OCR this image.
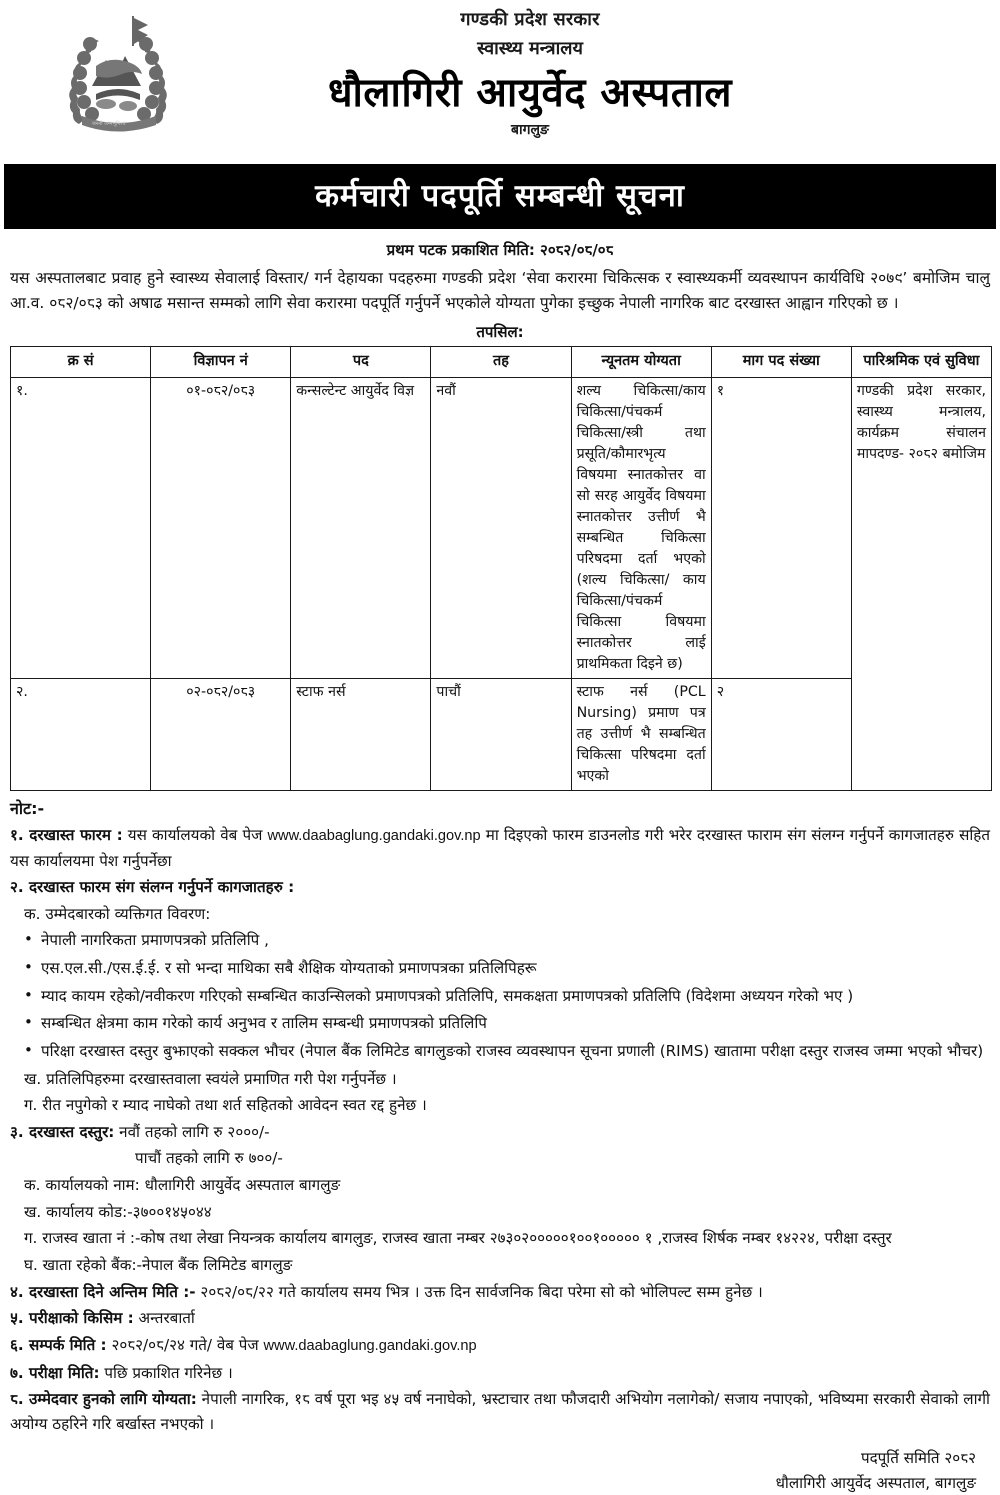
जननी जन्मभूमिश्च
गण्डकी प्रदेश सरकार
स्वास्थ्य मन्त्रालय
धौलागिरी आयुर्वेद अस्पताल
बागलुङ
कर्मचारी पदपूर्ति सम्बन्धी सूचना
प्रथम पटक प्रकाशित मिति: २०८२/०८/०८

यस अस्पतालबाट प्रवाह हुने स्वास्थ्य सेवालाई विस्तार/ गर्न देहायका पदहरुमा गण्डकी प्रदेश ‘सेवा करारमा चिकित्सक र स्वास्थ्यकर्मी व्यवस्थापन कार्यविधि २०७९’ बमोजिम चालु आ.व. ०८२/०८३ को अषाढ मसान्त सम्मको लागि सेवा करारमा पदपूर्ति गर्नुपर्ने भएकोले योग्यता पुगेका इच्छुक नेपाली नागरिक बाट दरखास्त आह्वान गरिएको छ ।

तपसिल:
क्र सं	विज्ञापन नं	पद	तह	न्यूनतम योग्यता	माग पद संख्या	पारिश्रमिक एवं सुविधा
१.	०१-०८२/०८३	कन्सल्टेन्ट आयुर्वेद विज्ञ	नवौं	शल्य चिकित्सा/काय चिकित्सा/पंचकर्म चिकित्सा/स्त्री तथा प्रसूति/कौमारभृत्य विषयमा स्नातकोत्तर वा सो सरह आयुर्वेद विषयमा स्नातकोत्तर उत्तीर्ण भै सम्बन्धित चिकित्सा परिषदमा दर्ता भएको (शल्य चिकित्सा/ काय चिकित्सा/पंचकर्म चिकित्सा विषयमा स्नातकोत्तर लाई प्राथमिकता दिइने छ)	१	गण्डकी प्रदेश सरकार, स्वास्थ्य मन्त्रालय, कार्यक्रम संचालन मापदण्ड- २०८२ बमोजिम
२.	०२-०८२/०८३	स्टाफ नर्स	पाचौं	स्टाफ नर्स (PCL Nursing) प्रमाण पत्र तह उत्तीर्ण भै सम्बन्धित चिकित्सा परिषदमा दर्ता भएको	२	
नोट:-

१. दरखास्त फारम : यस कार्यालयको वेब पेज www.daabaglung.gandaki.gov.np मा दिइएको फारम डाउनलोड गरी भरेर दरखास्त फाराम संग संलग्न गर्नुपर्ने कागजातहरु सहित यस कार्यालयमा पेश गर्नुपर्नेछा

२. दरखास्त फारम संग संलग्न गर्नुपर्ने कागजातहरु :

क. उम्मेदबारको व्यक्तिगत विवरण:

• नेपाली नागरिकता प्रमाणपत्रको प्रतिलिपि ,
• एस.एल.सी./एस.ई.ई. र सो भन्दा माथिका सबै शैक्षिक योग्यताको प्रमाणपत्रका प्रतिलिपिहरू
• म्याद कायम रहेको/नवीकरण गरिएको सम्बन्धित काउन्सिलको प्रमाणपत्रको प्रतिलिपि, समकक्षता प्रमाणपत्रको प्रतिलिपि (विदेशमा अध्ययन गरेको भए )
• सम्बन्धित क्षेत्रमा काम गरेको कार्य अनुभव र तालिम सम्बन्धी प्रमाणपत्रको प्रतिलिपि
• परिक्षा दरखास्त दस्तुर बुझाएको सक्कल भौचर (नेपाल बैंक लिमिटेड बागलुङको राजस्व व्यवस्थापन सूचना प्रणाली (RIMS) खातामा परीक्षा दस्तुर राजस्व जम्मा भएको भौचर)

ख. प्रतिलिपिहरुमा दरखास्तवाला स्वयंले प्रमाणित गरी पेश गर्नुपर्नेछ ।

ग. रीत नपुगेको र म्याद नाघेको तथा शर्त सहितको आवेदन स्वत रद्द हुनेछ ।

३. दरखास्त दस्तुर: नवौं तहको लागि रु २०००/-

पाचौं तहको लागि रु ७००/-

क. कार्यालयको नाम: धौलागिरी आयुर्वेद अस्पताल बागलुङ

ख. कार्यालय कोड:-३७००१४५०४४

ग. राजस्व खाता नं :-कोष तथा लेखा नियन्त्रक कार्यालय बागलुङ, राजस्व खाता नम्बर २७३०२०००००१००१००००० १ ,राजस्व शिर्षक नम्बर १४२२४, परीक्षा दस्तुर

घ. खाता रहेको बैंक:-नेपाल बैंक लिमिटेड बागलुङ

४. दरखास्ता दिने अन्तिम मिति :- २०८२/०८/२२ गते कार्यालय समय भित्र । उक्त दिन सार्वजनिक बिदा परेमा सो को भोलिपल्ट सम्म हुनेछ ।

५. परीक्षाको किसिम : अन्तरबार्ता

६. सम्पर्क मिति : २०८२/०८/२४ गते/ वेब पेज www.daabaglung.gandaki.gov.np

७. परीक्षा मिति: पछि प्रकाशित गरिनेछ ।

८. उम्मेदवार हुनको लागि योग्यता: नेपाली नागरिक, १८ वर्ष पूरा भइ ४५ वर्ष ननाघेको, भ्रस्टाचार तथा फौजदारी अभियोग नलागेको/ सजाय नपाएको, भविष्यमा सरकारी सेवाको लागी अयोग्य ठहरिने गरि बर्खास्त नभएको ।

पदपूर्ति समिति २०८२
धौलागिरी आयुर्वेद अस्पताल, बागलुङ
